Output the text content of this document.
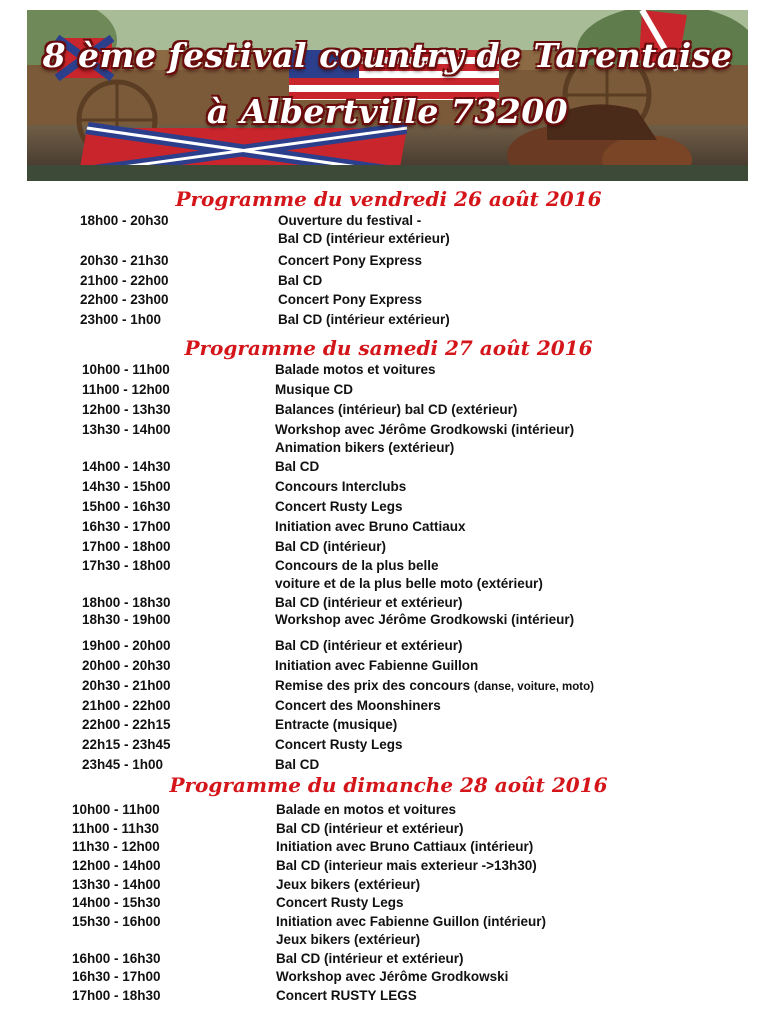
8 ème festival country de Tarentaise
à Albertville 73200
Programme du vendredi 26 août 2016
18h00 - 20h30	Ouverture du festival -
Bal CD (intérieur extérieur)
20h30 - 21h30	Concert Pony Express
21h00 - 22h00	Bal CD
22h00 - 23h00	Concert Pony Express
23h00 - 1h00	Bal CD (intérieur extérieur)
Programme du samedi 27 août 2016
10h00 - 11h00	Balade motos et voitures
11h00 - 12h00	Musique CD
12h00 - 13h30	Balances (intérieur) bal CD (extérieur)
13h30 - 14h00	Workshop avec Jérôme Grodkowski (intérieur)
Animation bikers (extérieur)
14h00 - 14h30	Bal CD
14h30 - 15h00	Concours Interclubs
15h00 - 16h30	Concert Rusty Legs
16h30 - 17h00	Initiation avec Bruno Cattiaux
17h00 - 18h00	Bal CD (intérieur)
17h30 - 18h00	Concours de la plus belle
voiture et de la plus belle moto (extérieur)
18h00 - 18h30	Bal CD (intérieur et extérieur)
18h30 - 19h00	Workshop avec Jérôme Grodkowski (intérieur)
19h00 - 20h00	Bal CD (intérieur et extérieur)
20h00 - 20h30	Initiation avec Fabienne Guillon
20h30 - 21h00	Remise des prix des concours (danse, voiture, moto)
21h00 - 22h00	Concert des Moonshiners
22h00 - 22h15	Entracte (musique)
22h15 - 23h45	Concert Rusty Legs
23h45 - 1h00	Bal CD
Programme du dimanche 28 août 2016
10h00 - 11h00	Balade en motos et voitures
11h00 - 11h30	Bal CD (intérieur et extérieur)
11h30 - 12h00	Initiation avec Bruno Cattiaux (intérieur)
12h00 - 14h00	Bal CD (interieur mais exterieur ->13h30)
13h30 - 14h00	Jeux bikers (extérieur)
14h00 - 15h30	Concert Rusty Legs
15h30 - 16h00	Initiation avec Fabienne Guillon (intérieur)
Jeux bikers (extérieur)
16h00 - 16h30	Bal CD (intérieur et extérieur)
16h30 - 17h00	Workshop avec Jérôme Grodkowski
17h00 - 18h30	Concert RUSTY LEGS
